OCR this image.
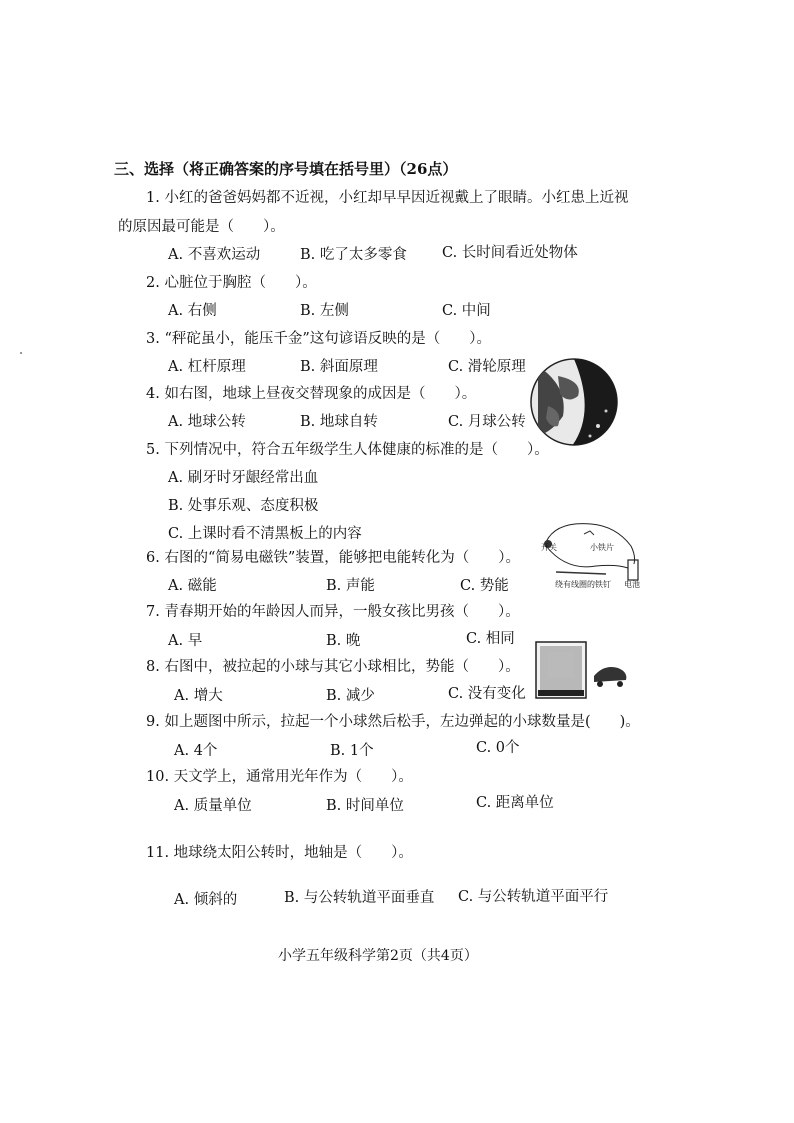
三、选择（将正确答案的序号填在括号里）（26点）
1. 小红的爸爸妈妈都不近视，小红却早早因近视戴上了眼睛。小红患上近视
的原因最可能是（　　）。
A. 不喜欢运动	B. 吃了太多零食 C. 长时间看近处物体
2. 心脏位于胸腔（　　）。
A. 右侧	B. 左侧	C. 中间
3. “秤砣虽小，能压千金”这句谚语反映的是（　　）。
A. 杠杆原理	B. 斜面原理	C. 滑轮原理
4. 如右图，地球上昼夜交替现象的成因是（　　）。
A. 地球公转	B. 地球自转	C. 月球公转
5. 下列情况中，符合五年级学生人体健康的标准的是（　　）。
A. 刷牙时牙龈经常出血
B. 处事乐观、态度积极
C. 上课时看不清黑板上的内容
6. 右图的“简易电磁铁”装置，能够把电能转化为（　　）。
A. 磁能	B. 声能	C. 势能
开关	小铁片
绕有线圈的铁钉 电池
7. 青春期开始的年龄因人而异，一般女孩比男孩（　　）。
A. 早	B. 晚	C. 相同
8. 右图中，被拉起的小球与其它小球相比，势能（　　）。
A. 增大	B. 减少	C. 没有变化
9. 如上题图中所示，拉起一个小球然后松手，左边弹起的小球数量是(　　)。
A. 4个	B. 1个	C. 0个
10. 天文学上，通常用光年作为（　　）。
A. 质量单位	B. 时间单位	C. 距离单位
11. 地球绕太阳公转时，地轴是（　　）。
A. 倾斜的	B. 与公转轨道平面垂直 C. 与公转轨道平面平行
小学五年级科学第2页（共4页）
